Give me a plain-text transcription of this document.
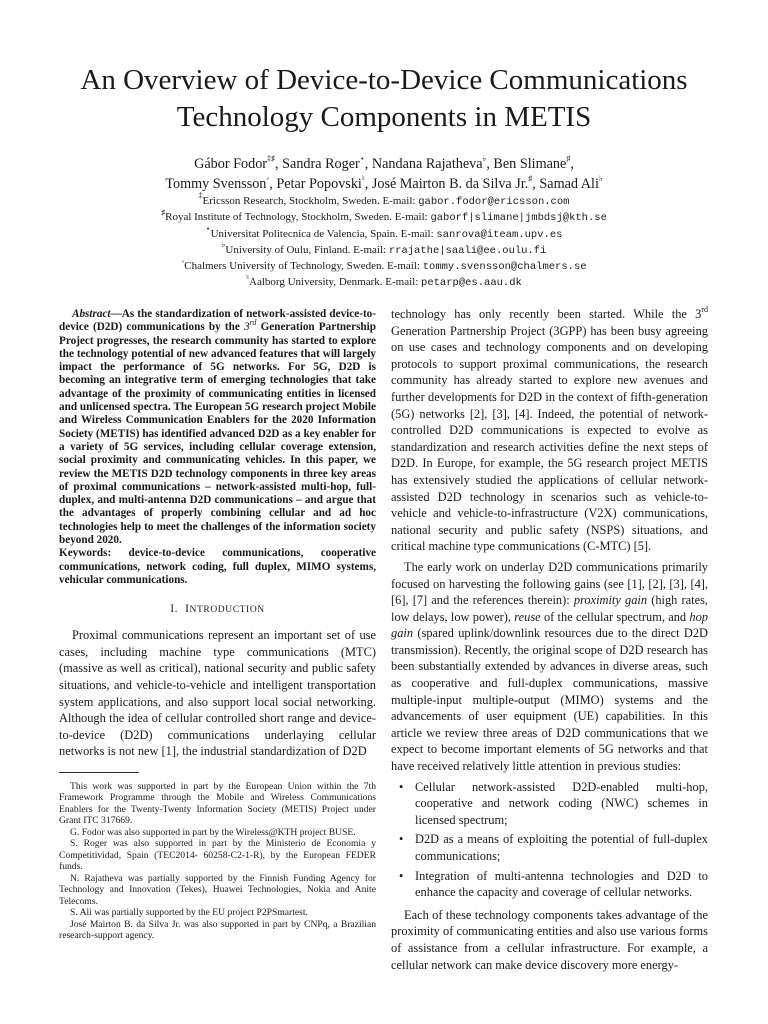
An Overview of Device-to-Device Communications Technology Components in METIS
Gábor Fodor‡♯, Sandra Roger⋆, Nandana Rajatheva♭, Ben Slimane♯,
Tommy Svensson◦, Petar Popovski♮, José Mairton B. da Silva Jr.♯, Samad Ali♭
‡Ericsson Research, Stockholm, Sweden. E-mail: gabor.fodor@ericsson.com
♯Royal Institute of Technology, Stockholm, Sweden. E-mail: gaborf|slimane|jmbdsj@kth.se
⋆Universitat Politecnica de Valencia, Spain. E-mail: sanrova@iteam.upv.es
♭University of Oulu, Finland. E-mail: rrajathe|saali@ee.oulu.fi
◦Chalmers University of Technology, Sweden. E-mail: tommy.svensson@chalmers.se
♮Aalborg University, Denmark. E-mail: petarp@es.aau.dk

Abstract—As the standardization of network-assisted device-to-device (D2D) communications by the 3rd Generation Partnership Project progresses, the research community has started to explore the technology potential of new advanced features that will largely impact the performance of 5G networks. For 5G, D2D is becoming an integrative term of emerging technologies that take advantage of the proximity of communicating entities in licensed and unlicensed spectra. The European 5G research project Mobile and Wireless Communication Enablers for the 2020 Information Society (METIS) has identified advanced D2D as a key enabler for a variety of 5G services, including cellular coverage extension, social proximity and communicating vehicles. In this paper, we review the METIS D2D technology components in three key areas of proximal communications – network-assisted multi-hop, full-duplex, and multi-antenna D2D communications – and argue that the advantages of properly combining cellular and ad hoc technologies help to meet the challenges of the information society beyond 2020.

Keywords: device-to-device communications, cooperative communications, network coding, full duplex, MIMO systems, vehicular communications.

I. INTRODUCTION

Proximal communications represent an important set of use cases, including machine type communications (MTC) (massive as well as critical), national security and public safety situations, and vehicle-to-vehicle and intelligent transportation system applications, and also support local social networking. Although the idea of cellular controlled short range and device-to-device (D2D) communications underlaying cellular networks is not new [1], the industrial standardization of D2D

This work was supported in part by the European Union within the 7th Framework Programme through the Mobile and Wireless Communications Enablers for the Twenty-Twenty Information Society (METIS) Project under Grant ITC 317669.

G. Fodor was also supported in part by the Wireless@KTH project BUSE.

S. Roger was also supported in part by the Ministerio de Economia y Competitividad, Spain (TEC2014- 60258-C2-1-R), by the European FEDER funds.

N. Rajatheva was partially supported by the Finnish Funding Agency for Technology and Innovation (Tekes), Huawei Technologies, Nokia and Anite Telecoms.

S. Ali was partially supported by the EU project P2PSmartest.

José Mairton B. da Silva Jr. was also supported in part by CNPq, a Brazilian research-support agency.

technology has only recently been started. While the 3rd Generation Partnership Project (3GPP) has been busy agreeing on use cases and technology components and on developing protocols to support proximal communications, the research community has already started to explore new avenues and further developments for D2D in the context of fifth-generation (5G) networks [2], [3], [4]. Indeed, the potential of network-controlled D2D communications is expected to evolve as standardization and research activities define the next steps of D2D. In Europe, for example, the 5G research project METIS has extensively studied the applications of cellular network-assisted D2D technology in scenarios such as vehicle-to-vehicle and vehicle-to-infrastructure (V2X) communications, national security and public safety (NSPS) situations, and critical machine type communications (C-MTC) [5].

The early work on underlay D2D communications primarily focused on harvesting the following gains (see [1], [2], [3], [4], [6], [7] and the references therein): proximity gain (high rates, low delays, low power), reuse of the cellular spectrum, and hop gain (spared uplink/downlink resources due to the direct D2D transmission). Recently, the original scope of D2D research has been substantially extended by advances in diverse areas, such as cooperative and full-duplex communications, massive multiple-input multiple-output (MIMO) systems and the advancements of user equipment (UE) capabilities. In this article we review three areas of D2D communications that we expect to become important elements of 5G networks and that have received relatively little attention in previous studies:

• Cellular network-assisted D2D-enabled multi-hop, cooperative and network coding (NWC) schemes in licensed spectrum;
• D2D as a means of exploiting the potential of full-duplex communications;
• Integration of multi-antenna technologies and D2D to enhance the capacity and coverage of cellular networks.

Each of these technology components takes advantage of the proximity of communicating entities and also use various forms of assistance from a cellular infrastructure. For example, a cellular network can make device discovery more energy-
